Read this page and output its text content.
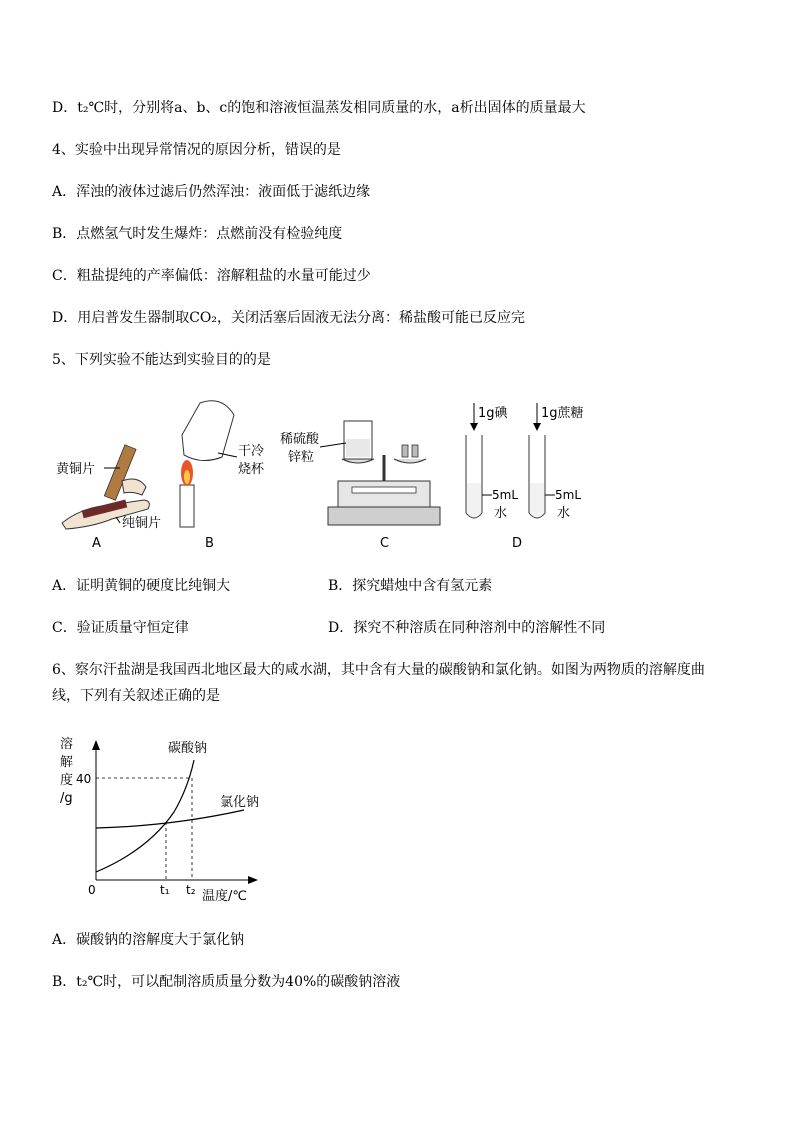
D．t₂℃时，分别将a、b、c的饱和溶液恒温蒸发相同质量的水，a析出固体的质量最大
4、实验中出现异常情况的原因分析，错误的是
A．浑浊的液体过滤后仍然浑浊：液面低于滤纸边缘
B．点燃氢气时发生爆炸：点燃前没有检验纯度
C．粗盐提纯的产率偏低：溶解粗盐的水量可能过少
D．用启普发生器制取CO₂，关闭活塞后固液无法分离：稀盐酸可能已反应完
5、下列实验不能达到实验目的的是
黄铜片
纯铜片
A
干冷
烧杯
B
稀硫酸
锌粒
C
1g碘	1g蔗糖
5mL
水
5mL
水
D
A．证明黄铜的硬度比纯铜大	B．探究蜡烛中含有氢元素
C．验证质量守恒定律	D．探究不种溶质在同种溶剂中的溶解性不同
6、察尔汗盐湖是我国西北地区最大的咸水湖，其中含有大量的碳酸钠和氯化钠。如图为两物质的溶解度曲
线，下列有关叙述正确的是
溶
解
度
/g
40
0	t₁ t₂ 温度/℃
碳酸钠
氯化钠
A．碳酸钠的溶解度大于氯化钠
B．t₂℃时，可以配制溶质质量分数为40%的碳酸钠溶液
